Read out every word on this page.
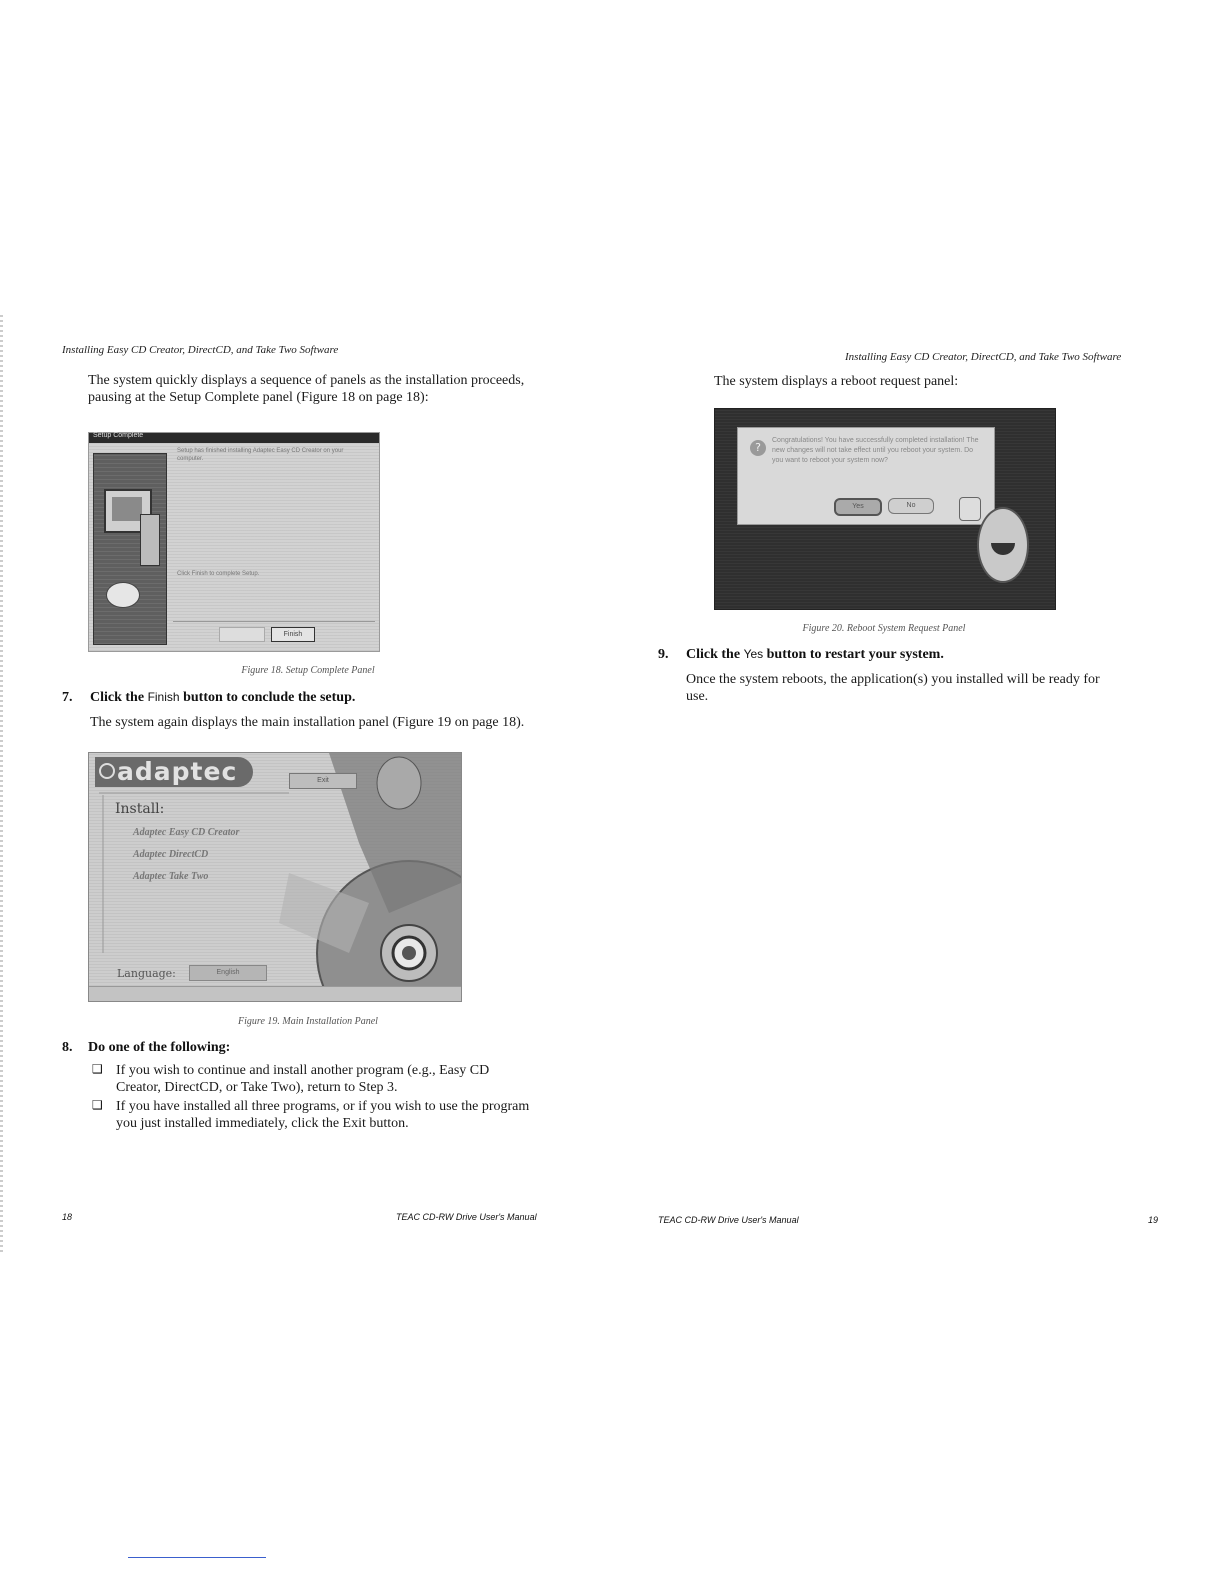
Installing Easy CD Creator, DirectCD, and Take Two Software
The system quickly displays a sequence of panels as the installation proceeds,
pausing at the Setup Complete panel (Figure 18 on page 18):
Setup Complete
Setup has finished installing Adaptec Easy CD Creator on your computer.
Click Finish to complete Setup.
Finish
Figure 18. Setup Complete Panel
7. Click the Finish button to conclude the setup.
The system again displays the main installation panel (Figure 19 on page 18).
adaptec	Exit
Install:
Adaptec Easy CD Creator
Adaptec DirectCD
Adaptec Take Two
Language:	English
Figure 19. Main Installation Panel
8. Do one of the following:
❑ If you wish to continue and install another program (e.g., Easy CD
Creator, DirectCD, or Take Two), return to Step 3.
❑ If you have installed all three programs, or if you wish to use the program
you just installed immediately, click the Exit button.
18	TEAC CD-RW Drive User's Manual
Installing Easy CD Creator, DirectCD, and Take Two Software
The system displays a reboot request panel:
?
Congratulations! You have successfully completed installation! The new changes will not take effect until you reboot your system. Do you want to reboot your system now?
Yes	No
Figure 20. Reboot System Request Panel
9. Click the Yes button to restart your system.
Once the system reboots, the application(s) you installed will be ready for
use.
TEAC CD-RW Drive User's Manual	19
